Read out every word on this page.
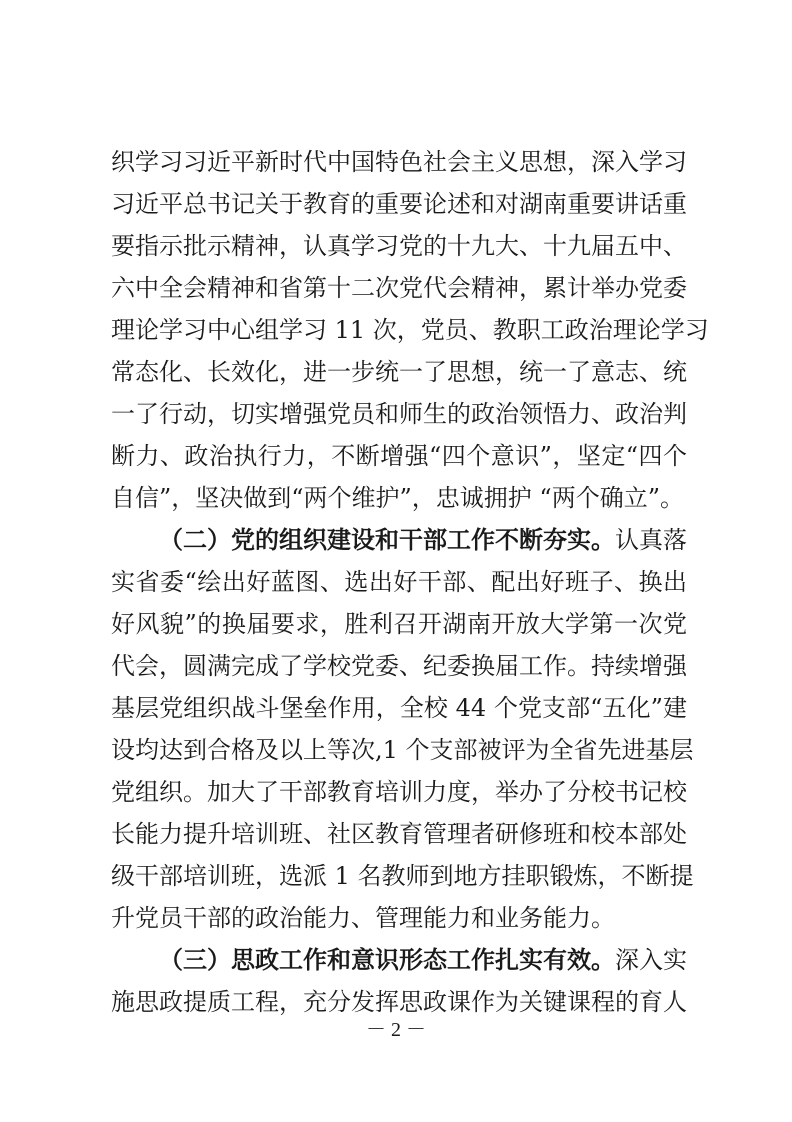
织学习习近平新时代中国特色社会主义思想，深入学习
习近平总书记关于教育的重要论述和对湖南重要讲话重
要指示批示精神，认真学习党的十九大、十九届五中、
六中全会精神和省第十二次党代会精神，累计举办党委
理论学习中心组学习 11 次，党员、教职工政治理论学习
常态化、长效化，进一步统一了思想，统一了意志、统
一了行动，切实增强党员和师生的政治领悟力、政治判
断力、政治执行力，不断增强“四个意识”，坚定“四个
自信”，坚决做到“两个维护”，忠诚拥护 “两个确立”。
（二）党的组织建设和干部工作不断夯实。认真落
实省委“绘出好蓝图、选出好干部、配出好班子、换出
好风貌”的换届要求，胜利召开湖南开放大学第一次党
代会，圆满完成了学校党委、纪委换届工作。持续增强
基层党组织战斗堡垒作用，全校 44 个党支部“五化”建
设均达到合格及以上等次,1 个支部被评为全省先进基层
党组织。加大了干部教育培训力度，举办了分校书记校
长能力提升培训班、社区教育管理者研修班和校本部处
级干部培训班，选派 1 名教师到地方挂职锻炼，不断提
升党员干部的政治能力、管理能力和业务能力。
（三）思政工作和意识形态工作扎实有效。深入实
施思政提质工程，充分发挥思政课作为关键课程的育人
－ 2 －
